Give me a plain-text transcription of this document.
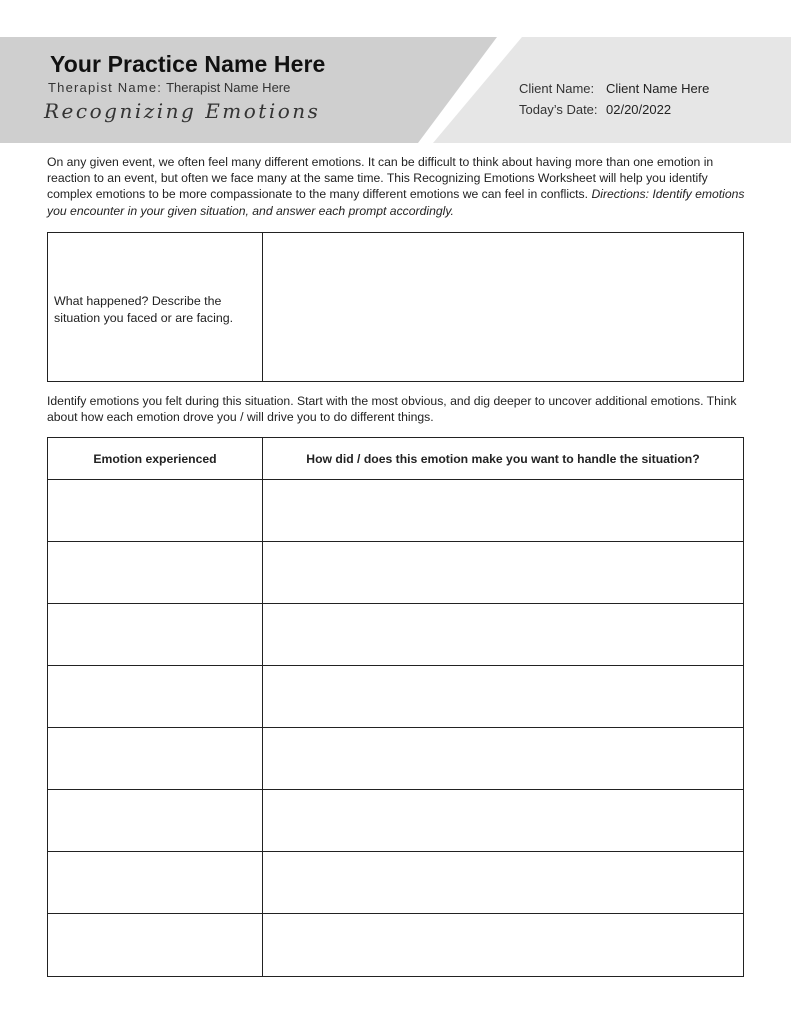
Your Practice Name Here
Therapist Name: Therapist Name Here
Recognizing Emotions
Client Name: Client Name Here
Today’s Date: 02/20/2022
On any given event, we often feel many different emotions. It can be difficult to think about having more than one emotion in reaction to an event, but often we face many at the same time. This Recognizing Emotions Worksheet will help you identify complex emotions to be more compassionate to the many different emotions we can feel in conflicts. Directions: Identify emotions you encounter in your given situation, and answer each prompt accordingly.
What happened? Describe the situation you faced or are facing.
Identify emotions you felt during this situation. Start with the most obvious, and dig deeper to uncover additional emotions. Think about how each emotion drove you / will drive you to do different things.
Emotion experienced	How did / does this emotion make you want to handle the situation?
